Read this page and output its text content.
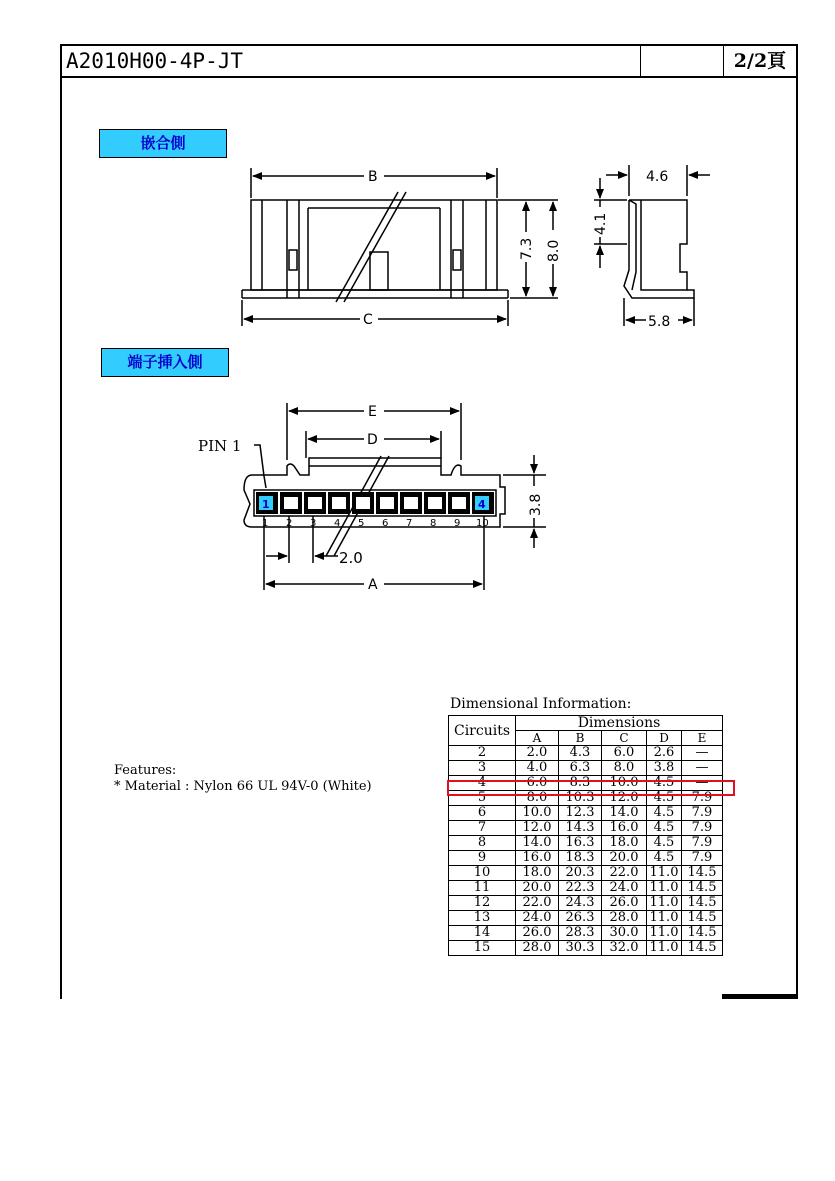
A2010H00-4P-JT	2/2頁
嵌合側
端子挿入側
B
C
7.3 8.0
4.6
4.1
5.8
1	4
1 2 3 4 5 6 7 8 9 10
PIN 1
E
D
2.0
A
3.8
Features:
* Material : Nylon 66 UL 94V-0 (White)
Dimensional Information:
Circuits	Dimensions				
	A	B	C	D	E
2	2.0	4.3	6.0	2.6	—
3	4.0	6.3	8.0	3.8	—
4	6.0	8.3	10.0	4.5	—
5	8.0	10.3	12.0	4.5	7.9
6	10.0	12.3	14.0	4.5	7.9
7	12.0	14.3	16.0	4.5	7.9
8	14.0	16.3	18.0	4.5	7.9
9	16.0	18.3	20.0	4.5	7.9
10	18.0	20.3	22.0	11.0	14.5
11	20.0	22.3	24.0	11.0	14.5
12	22.0	24.3	26.0	11.0	14.5
13	24.0	26.3	28.0	11.0	14.5
14	26.0	28.3	30.0	11.0	14.5
15	28.0	30.3	32.0	11.0	14.5
